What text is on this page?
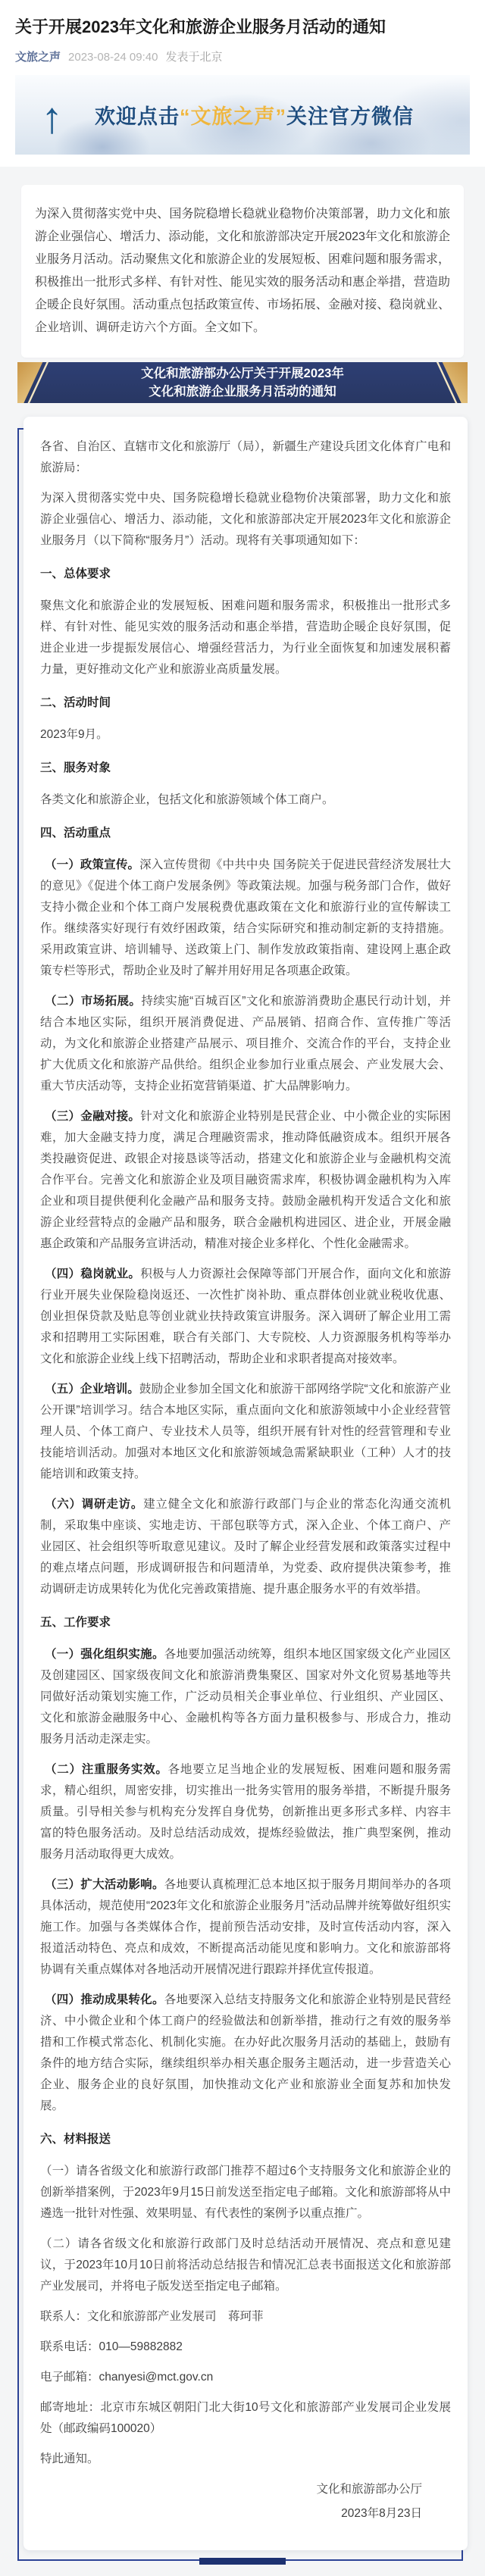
关于开展2023年文化和旅游企业服务月活动的通知
文旅之声 2023-08-24 09:40 发表于北京
↑ 欢迎点击 “文旅之声” 关注官方微信

为深入贯彻落实党中央、国务院稳增长稳就业稳物价决策部署，助力文化和旅游企业强信心、增活力、添动能，文化和旅游部决定开展2023年文化和旅游企业服务月活动。活动聚焦文化和旅游企业的发展短板、困难问题和服务需求，积极推出一批形式多样、有针对性、能见实效的服务活动和惠企举措，营造助企暖企良好氛围。活动重点包括政策宣传、市场拓展、金融对接、稳岗就业、企业培训、调研走访六个方面。全文如下。

文化和旅游部办公厅关于开展2023年
文化和旅游企业服务月活动的通知

各省、自治区、直辖市文化和旅游厅（局），新疆生产建设兵团文化体育广电和旅游局：

为深入贯彻落实党中央、国务院稳增长稳就业稳物价决策部署，助力文化和旅游企业强信心、增活力、添动能，文化和旅游部决定开展2023年文化和旅游企业服务月（以下简称“服务月”）活动。现将有关事项通知如下：

一、总体要求

聚焦文化和旅游企业的发展短板、困难问题和服务需求，积极推出一批形式多样、有针对性、能见实效的服务活动和惠企举措，营造助企暖企良好氛围，促进企业进一步提振发展信心、增强经营活力，为行业全面恢复和加速发展积蓄力量，更好推动文化产业和旅游业高质量发展。

二、活动时间

2023年9月。

三、服务对象

各类文化和旅游企业，包括文化和旅游领域个体工商户。

四、活动重点

（一）政策宣传。深入宣传贯彻《中共中央 国务院关于促进民营经济发展壮大的意见》《促进个体工商户发展条例》等政策法规。加强与税务部门合作，做好支持小微企业和个体工商户发展税费优惠政策在文化和旅游行业的宣传解读工作。继续落实好现行有效纾困政策，结合实际研究和推动制定新的支持措施。采用政策宣讲、培训辅导、送政策上门、制作发放政策指南、建设网上惠企政策专栏等形式，帮助企业及时了解并用好用足各项惠企政策。

（二）市场拓展。持续实施“百城百区”文化和旅游消费助企惠民行动计划，并结合本地区实际，组织开展消费促进、产品展销、招商合作、宣传推广等活动，为文化和旅游企业搭建产品展示、项目推介、交流合作的平台，支持企业扩大优质文化和旅游产品供给。组织企业参加行业重点展会、产业发展大会、重大节庆活动等，支持企业拓宽营销渠道、扩大品牌影响力。

（三）金融对接。针对文化和旅游企业特别是民营企业、中小微企业的实际困难，加大金融支持力度，满足合理融资需求，推动降低融资成本。组织开展各类投融资促进、政银企对接恳谈等活动，搭建文化和旅游企业与金融机构交流合作平台。完善文化和旅游企业及项目融资需求库，积极协调金融机构为入库企业和项目提供便利化金融产品和服务支持。鼓励金融机构开发适合文化和旅游企业经营特点的金融产品和服务，联合金融机构进园区、进企业，开展金融惠企政策和产品服务宣讲活动，精准对接企业多样化、个性化金融需求。

（四）稳岗就业。积极与人力资源社会保障等部门开展合作，面向文化和旅游行业开展失业保险稳岗返还、一次性扩岗补助、重点群体创业就业税收优惠、创业担保贷款及贴息等创业就业扶持政策宣讲服务。深入调研了解企业用工需求和招聘用工实际困难，联合有关部门、大专院校、人力资源服务机构等举办文化和旅游企业线上线下招聘活动，帮助企业和求职者提高对接效率。

（五）企业培训。鼓励企业参加全国文化和旅游干部网络学院“文化和旅游产业公开课”培训学习。结合本地区实际，重点面向文化和旅游领域中小企业经营管理人员、个体工商户、专业技术人员等，组织开展有针对性的经营管理和专业技能培训活动。加强对本地区文化和旅游领域急需紧缺职业（工种）人才的技能培训和政策支持。

（六）调研走访。建立健全文化和旅游行政部门与企业的常态化沟通交流机制，采取集中座谈、实地走访、干部包联等方式，深入企业、个体工商户、产业园区、社会组织等听取意见建议。及时了解企业经营发展和政策落实过程中的难点堵点问题，形成调研报告和问题清单，为党委、政府提供决策参考，推动调研走访成果转化为优化完善政策措施、提升惠企服务水平的有效举措。

五、工作要求

（一）强化组织实施。各地要加强活动统筹，组织本地区国家级文化产业园区及创建园区、国家级夜间文化和旅游消费集聚区、国家对外文化贸易基地等共同做好活动策划实施工作，广泛动员相关企事业单位、行业组织、产业园区、文化和旅游金融服务中心、金融机构等各方面力量积极参与、形成合力，推动服务月活动走深走实。

（二）注重服务实效。各地要立足当地企业的发展短板、困难问题和服务需求，精心组织，周密安排，切实推出一批务实管用的服务举措，不断提升服务质量。引导相关参与机构充分发挥自身优势，创新推出更多形式多样、内容丰富的特色服务活动。及时总结活动成效，提炼经验做法，推广典型案例，推动服务月活动取得更大成效。

（三）扩大活动影响。各地要认真梳理汇总本地区拟于服务月期间举办的各项具体活动，规范使用“2023年文化和旅游企业服务月”活动品牌并统筹做好组织实施工作。加强与各类媒体合作，提前预告活动安排，及时宣传活动内容，深入报道活动特色、亮点和成效，不断提高活动能见度和影响力。文化和旅游部将协调有关重点媒体对各地活动开展情况进行跟踪并择优宣传报道。

（四）推动成果转化。各地要深入总结支持服务文化和旅游企业特别是民营经济、中小微企业和个体工商户的经验做法和创新举措，推动行之有效的服务举措和工作模式常态化、机制化实施。在办好此次服务月活动的基础上，鼓励有条件的地方结合实际，继续组织举办相关惠企服务主题活动，进一步营造关心企业、服务企业的良好氛围，加快推动文化产业和旅游业全面复苏和加快发展。

六、材料报送

（一）请各省级文化和旅游行政部门推荐不超过6个支持服务文化和旅游企业的创新举措案例，于2023年9月15日前发送至指定电子邮箱。文化和旅游部将从中遴选一批针对性强、效果明显、有代表性的案例予以重点推广。

（二）请各省级文化和旅游行政部门及时总结活动开展情况、亮点和意见建议，于2023年10月10日前将活动总结报告和情况汇总表书面报送文化和旅游部产业发展司，并将电子版发送至指定电子邮箱。

联系人：文化和旅游部产业发展司　蒋珂菲

联系电话：010—59882882

电子邮箱：chanyesi@mct.gov.cn

邮寄地址：北京市东城区朝阳门北大街10号文化和旅游部产业发展司企业发展处（邮政编码100020）

特此通知。

文化和旅游部办公厅

2023年8月23日
